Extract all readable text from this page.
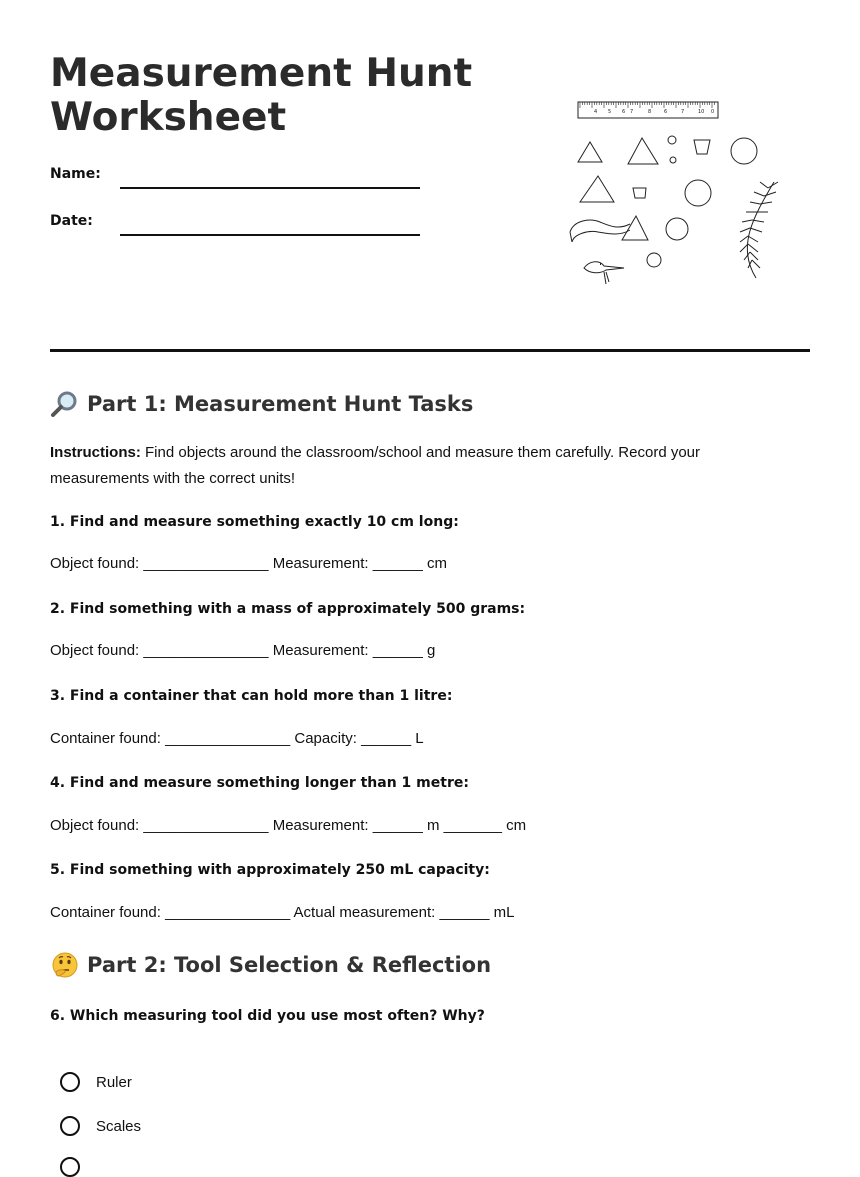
Measurement Hunt Worksheet
Name:
Date:
4 5 6 7	8	6	7	10 0
Part 1: Measurement Hunt Tasks

Instructions: Find objects around the classroom/school and measure them carefully. Record your measurements with the correct units!

1. Find and measure something exactly 10 cm long:

Object found: _______________ Measurement: ______ cm

2. Find something with a mass of approximately 500 grams:

Object found: _______________ Measurement: ______ g

3. Find a container that can hold more than 1 litre:

Container found: _______________ Capacity: ______ L

4. Find and measure something longer than 1 metre:

Object found: _______________ Measurement: ______ m _______ cm

5. Find something with approximately 250 mL capacity:

Container found: _______________ Actual measurement: ______ mL

Part 2: Tool Selection & Reflection

6. Which measuring tool did you use most often? Why?

Ruler
Scales
